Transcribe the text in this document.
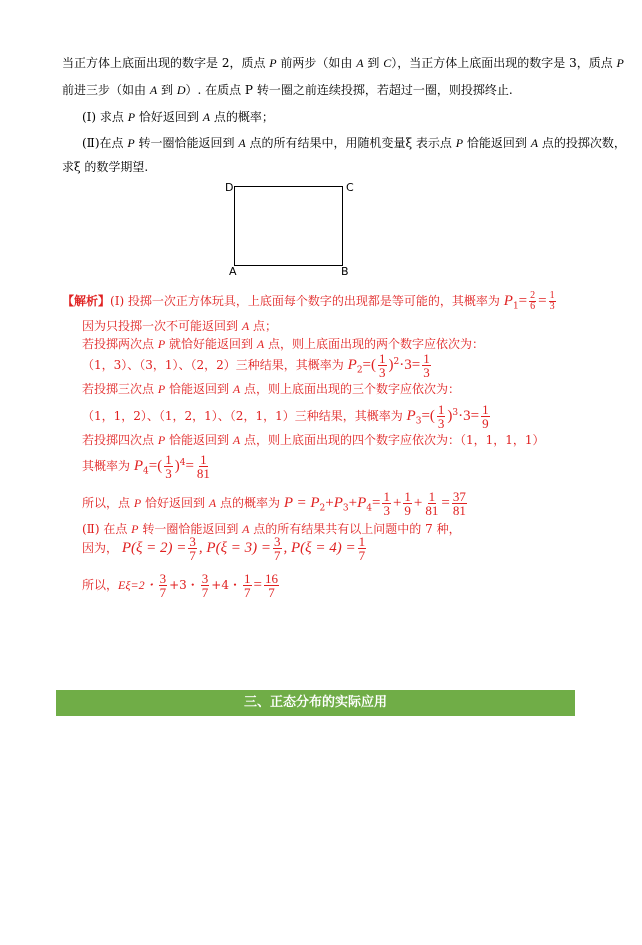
当正方体上底面出现的数字是 2，质点 P 前两步（如由 A 到 C），当正方体上底面出现的数字是 3，质点 P
前进三步（如由 A 到 D）. 在质点 P 转一圈之前连续投掷，若超过一圈，则投掷终止.
(Ⅰ) 求点 P 恰好返回到 A 点的概率；
(Ⅱ)在点 P 转一圈恰能返回到 A 点的所有结果中，用随机变量ξ 表示点 P 恰能返回到 A 点的投掷次数，
求ξ 的数学期望.
D	C
A	B
【解析】(Ⅰ) 投掷一次正方体玩具，上底面每个数字的出现都是等可能的，其概率为 $P_1= \frac{2}{6} = \frac{1}{3}$
因为只投掷一次不可能返回到 A 点；
若投掷两次点 P 就恰好能返回到 A 点，则上底面出现的两个数字应依次为：
（1，3）、（3，1）、（2，2）三种结果，其概率为 $P_2=( \frac{1}{3} )^2\cdot 3= \frac{1}{3}$
若投掷三次点 P 恰能返回到 A 点，则上底面出现的三个数字应依次为：
（1，1，2）、（1，2，1）、（2，1，1）三种结果，其概率为 $P_3=( \frac{1}{3} )^3\cdot 3= \frac{1}{9}$
若投掷四次点 P 恰能返回到 A 点，则上底面出现的四个数字应依次为：（1，1，1，1）
其概率为 $P_4=( \frac{1}{3} )^4= \frac{1}{81}$
所以，点 P 恰好返回到 A 点的概率为 $P = P_2+P_3+P_4= \frac{1}{3} + \frac{1}{9} + \frac{1}{81} = \frac{37}{81}$
(Ⅱ) 在点 P 转一圈恰能返回到 A 点的所有结果共有以上问题中的 7 种，
因为， $P(\xi = 2) = \frac{3}{7}$ , $P(\xi = 3) = \frac{3}{7}$ , $P(\xi = 4) = \frac{1}{7}$
所以，Eξ=2・ $\frac{3}{7} +3$・ $\frac{3}{7} +4$・ $\frac{1}{7} = \frac{16}{7}$
三、正态分布的实际应用
